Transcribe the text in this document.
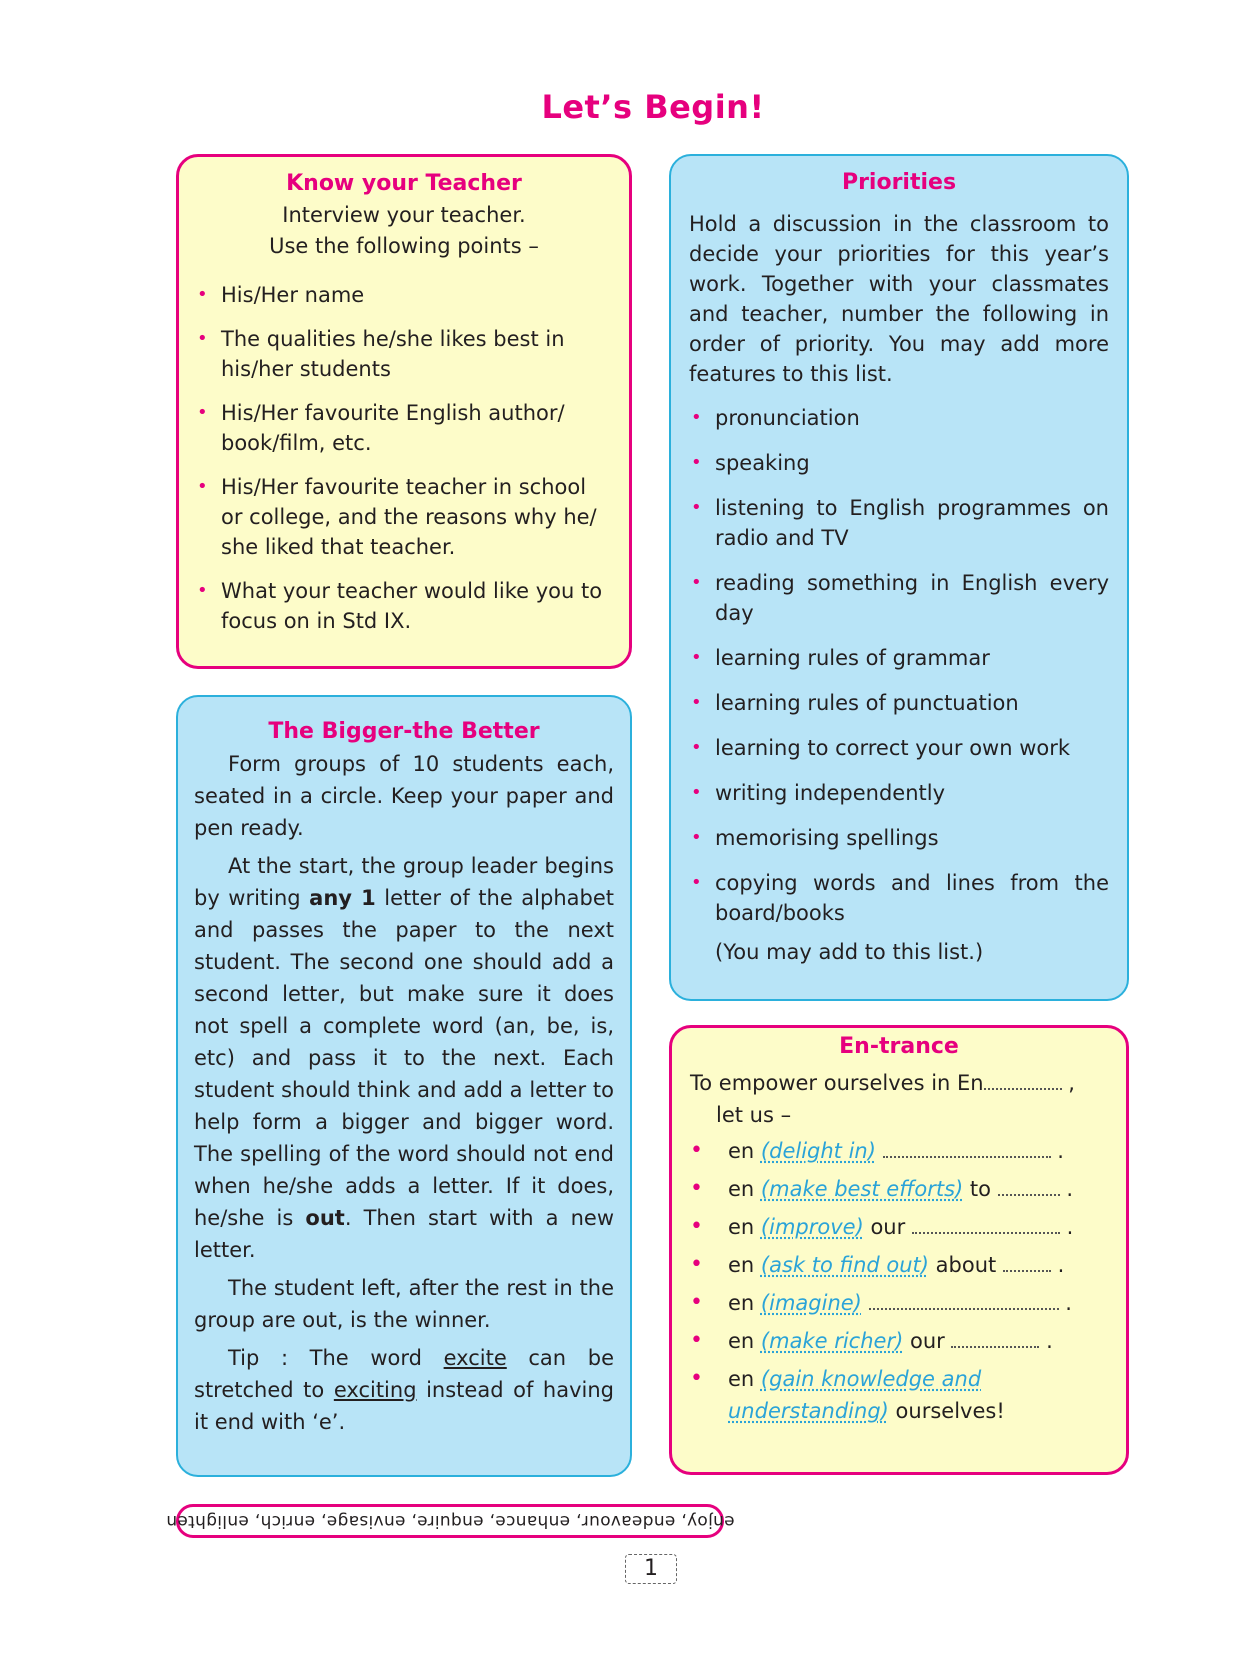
Let’s Begin!
Know your Teacher
Interview your teacher.
Use the following points –
• His/Her name
• The qualities he/she likes best in his/her students
• His/Her favourite English author/ book/film, etc.
• His/Her favourite teacher in school or college, and the reasons why he/ she liked that teacher.
• What your teacher would like you to focus on in Std IX.
Priorities

Hold a discussion in the classroom to decide your priorities for this year’s work. Together with your classmates and teacher, number the following in order of priority. You may add more features to this list.

• pronunciation
• speaking
• listening to English programmes on radio and TV
• reading something in English every day
• learning rules of grammar
• learning rules of punctuation
• learning to correct your own work
• writing independently
• memorising spellings
• copying words and lines from the board/books
(You may add to this list.)
The Bigger-the Better

Form groups of 10 students each, seated in a circle. Keep your paper and pen ready.

At the start, the group leader begins by writing any 1 letter of the alphabet and passes the paper to the next student. The second one should add a second letter, but make sure it does not spell a complete word (an, be, is, etc) and pass it to the next. Each student should think and add a letter to help form a bigger and bigger word. The spelling of the word should not end when he/she adds a letter. If it does, he/she is out. Then start with a new letter.

The student left, after the rest in the group are out, is the winner.

Tip : The word excite can be stretched to exciting instead of having it end with ‘e’.

En-trance
To empower ourselves in En	,
let us –
• en (delight in)	.
• en (make best efforts) to	.
• en (improve) our	.
• en (ask to find out) about	.
• en (imagine)	.
• en (make richer) our	.
• en (gain knowledge and understanding) ourselves!
enjoy, endeavour, enhance, enquire, envisage, enrich, enlighten
1
